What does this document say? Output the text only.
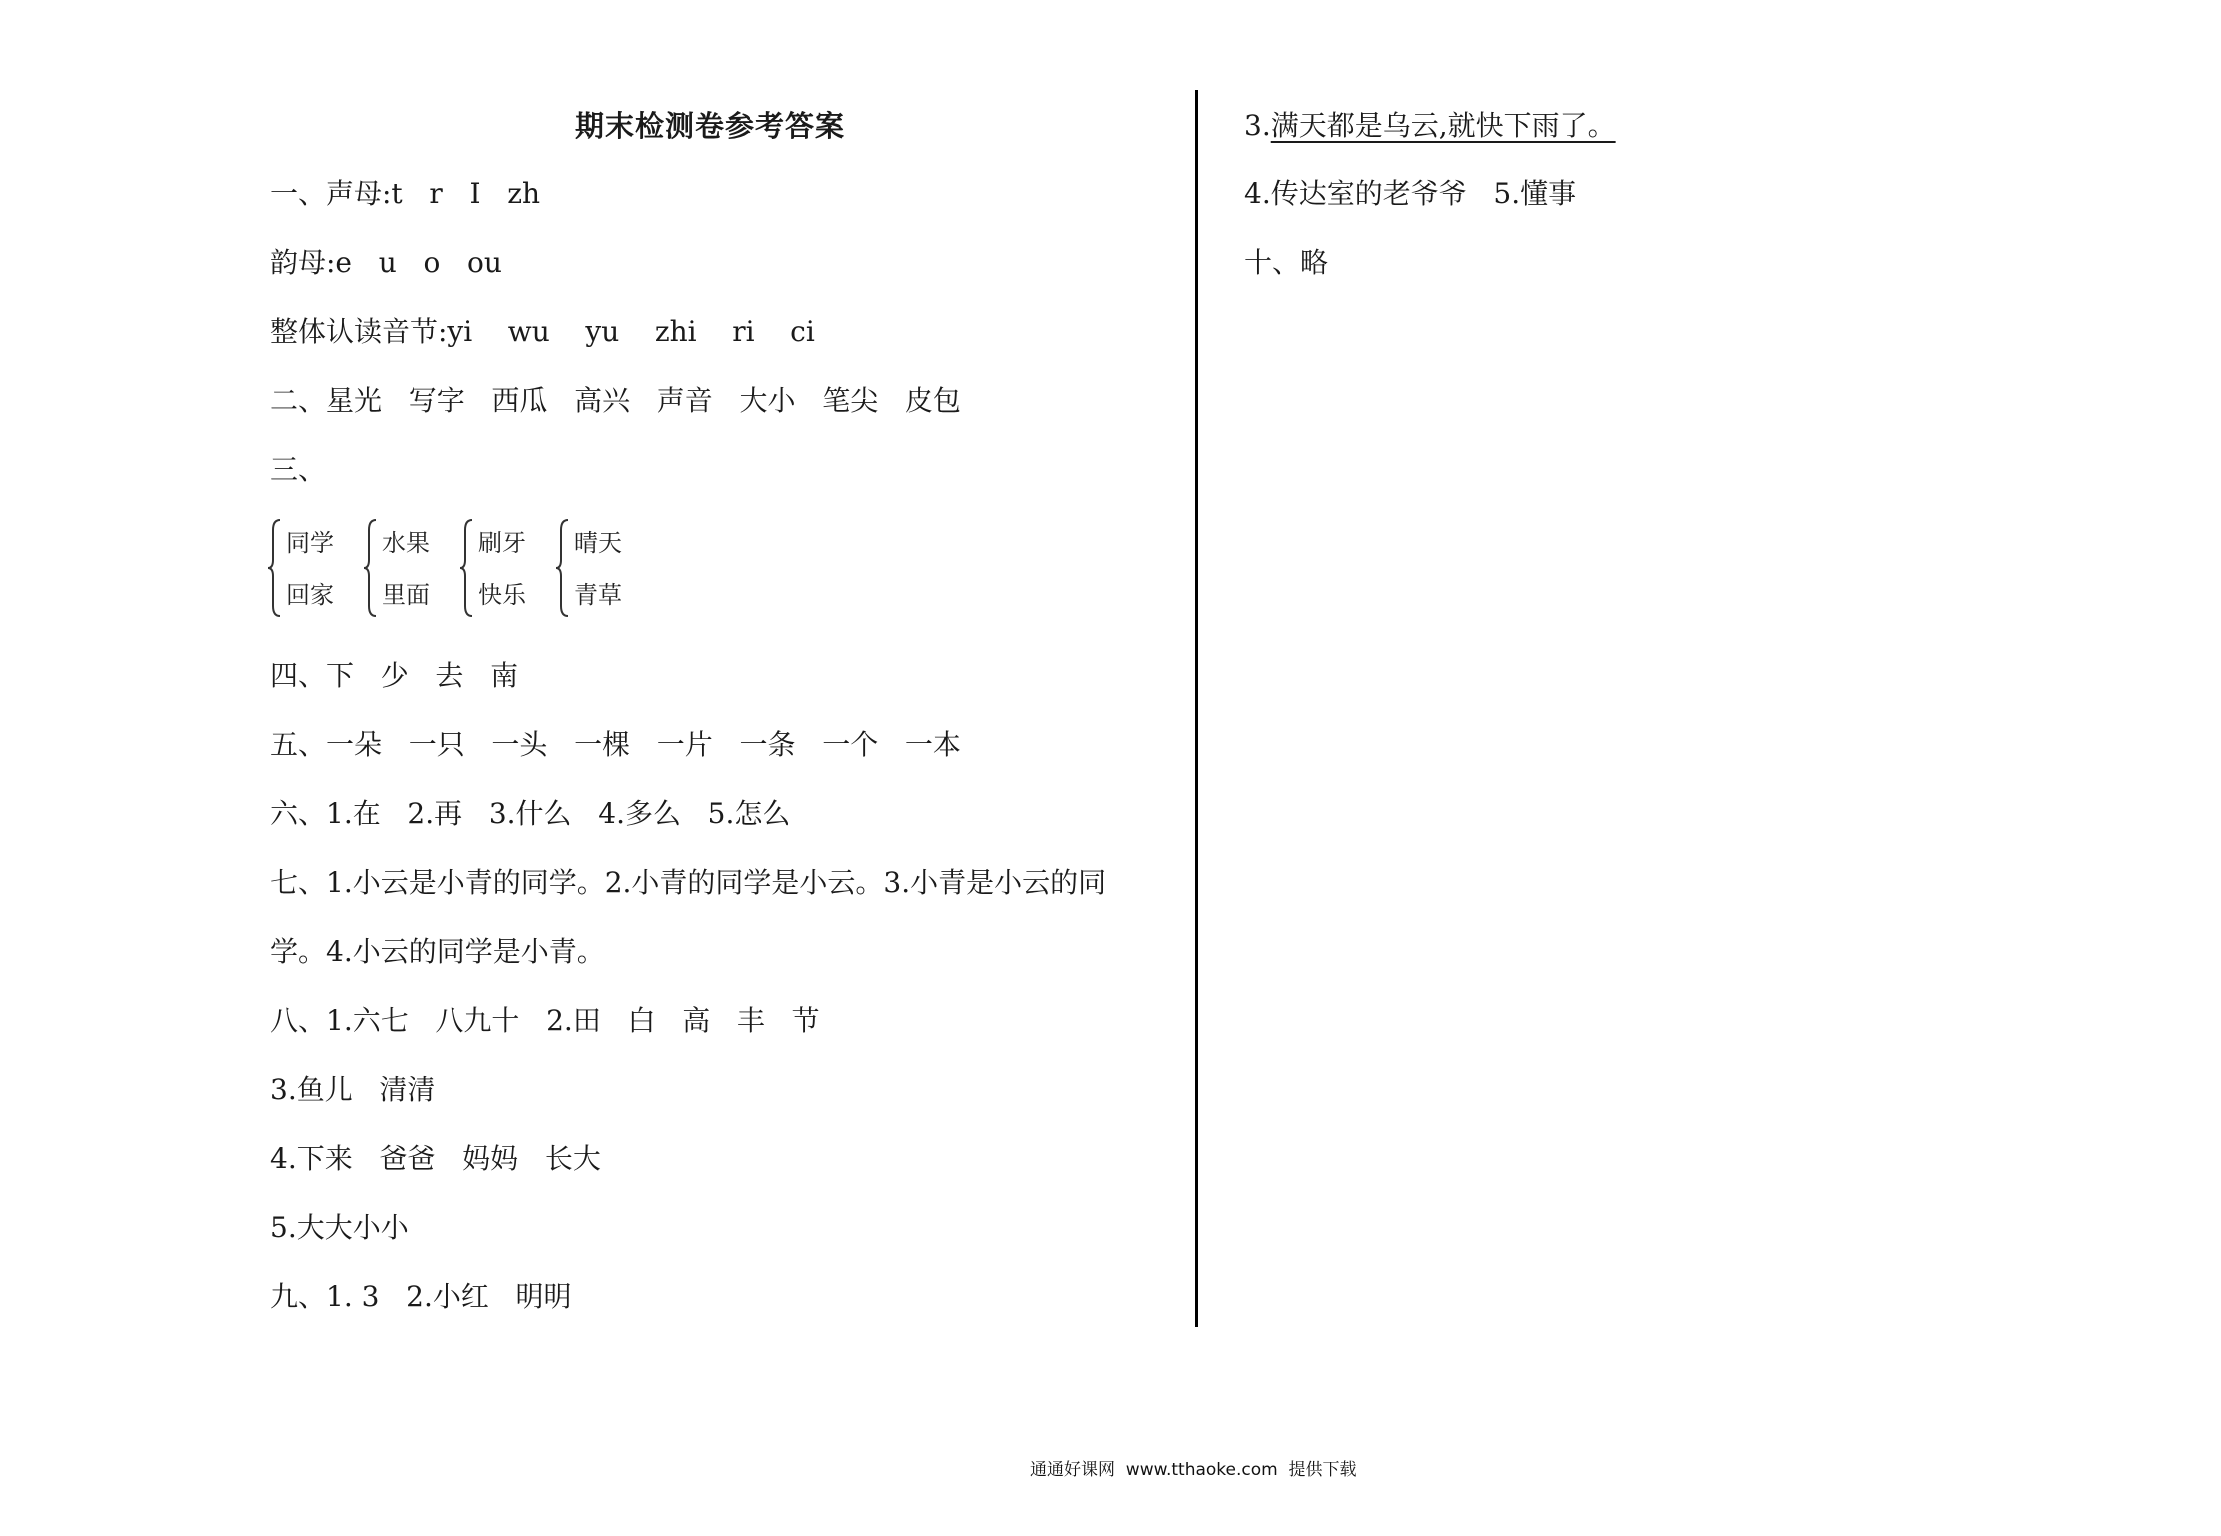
期末检测卷参考答案
一、声母:t   r   I   zh
韵母:e   u   o   ou
整体认读音节:yi    wu    yu    zhi    ri    ci
二、星光   写字   西瓜   高兴   声音   大小   笔尖   皮包
三、
同学
回家
水果
里面
刷牙
快乐
晴天
青草
四、下   少   去   南
五、一朵   一只   一头   一棵   一片   一条   一个   一本
六、1.在   2.再   3.什么   4.多么   5.怎么
七、1.小云是小青的同学。2.小青的同学是小云。3.小青是小云的同
学。4.小云的同学是小青。
八、1.六七   八九十   2.田   白   高   丰   节
3.鱼儿   清清
4.下来   爸爸   妈妈   长大
5.大大小小
九、1. 3   2.小红   明明
3.满天都是乌云,就快下雨了。
4.传达室的老爷爷   5.懂事
十、略
通通好课网  www.tthaoke.com  提供下载
